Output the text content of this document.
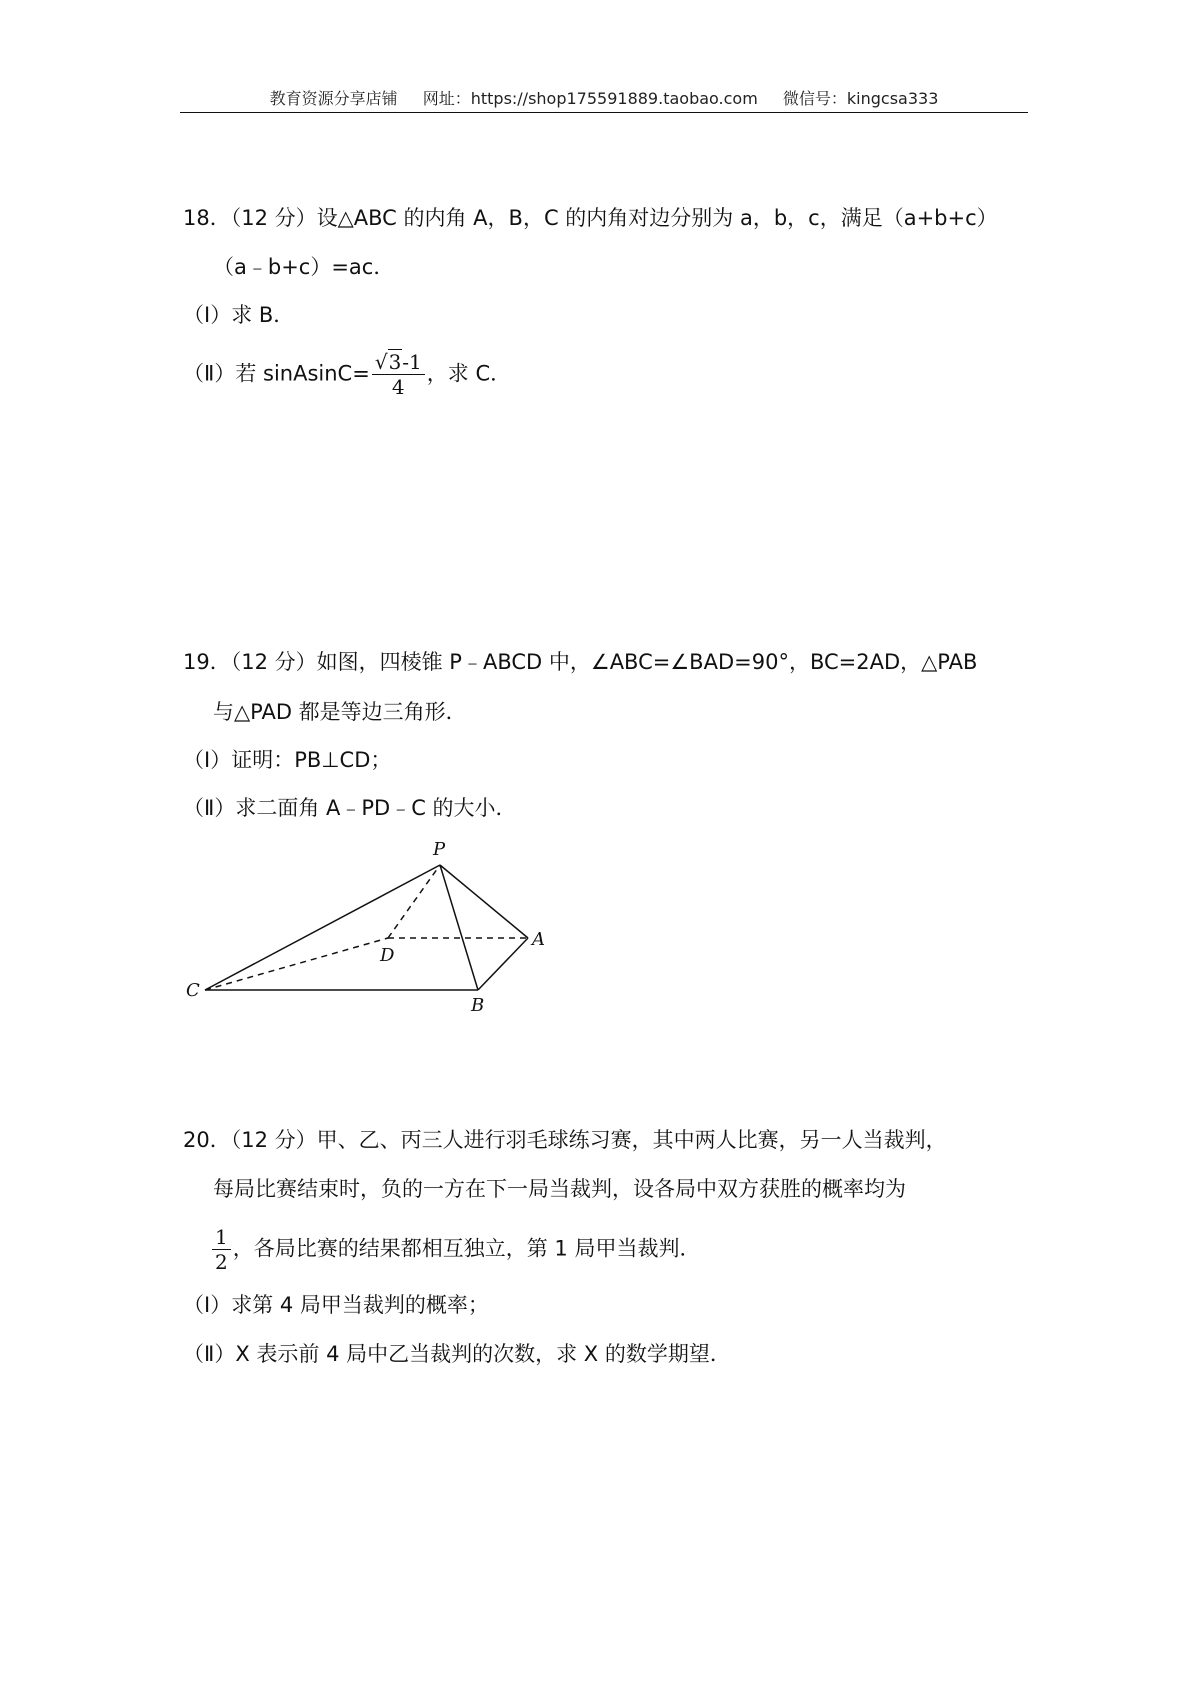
教育资源分享店铺 网址：https://shop175591889.taobao.com 微信号：kingcsa333
18．（12 分）设△ABC 的内角 A，B，C 的内角对边分别为 a，b，c，满足（a+b+c）
（a﹣b+c）=ac．
（Ⅰ）求 B．
（Ⅱ）若 sinAsinC= $\frac{√3-1}{4}$ ，求 C．
19．（12 分）如图，四棱锥 P﹣ABCD 中，∠ABC=∠BAD=90°，BC=2AD，△PAB
与△PAD 都是等边三角形．
（Ⅰ）证明：PB⊥CD；
（Ⅱ）求二面角 A﹣PD﹣C 的大小．
P
A
B
C
D
20．（12 分）甲、乙、丙三人进行羽毛球练习赛，其中两人比赛，另一人当裁判，
每局比赛结束时，负的一方在下一局当裁判，设各局中双方获胜的概率均为
$\frac{1}{2}$ ，各局比赛的结果都相互独立，第 1 局甲当裁判．
（Ⅰ）求第 4 局甲当裁判的概率；
（Ⅱ）X 表示前 4 局中乙当裁判的次数，求 X 的数学期望．
